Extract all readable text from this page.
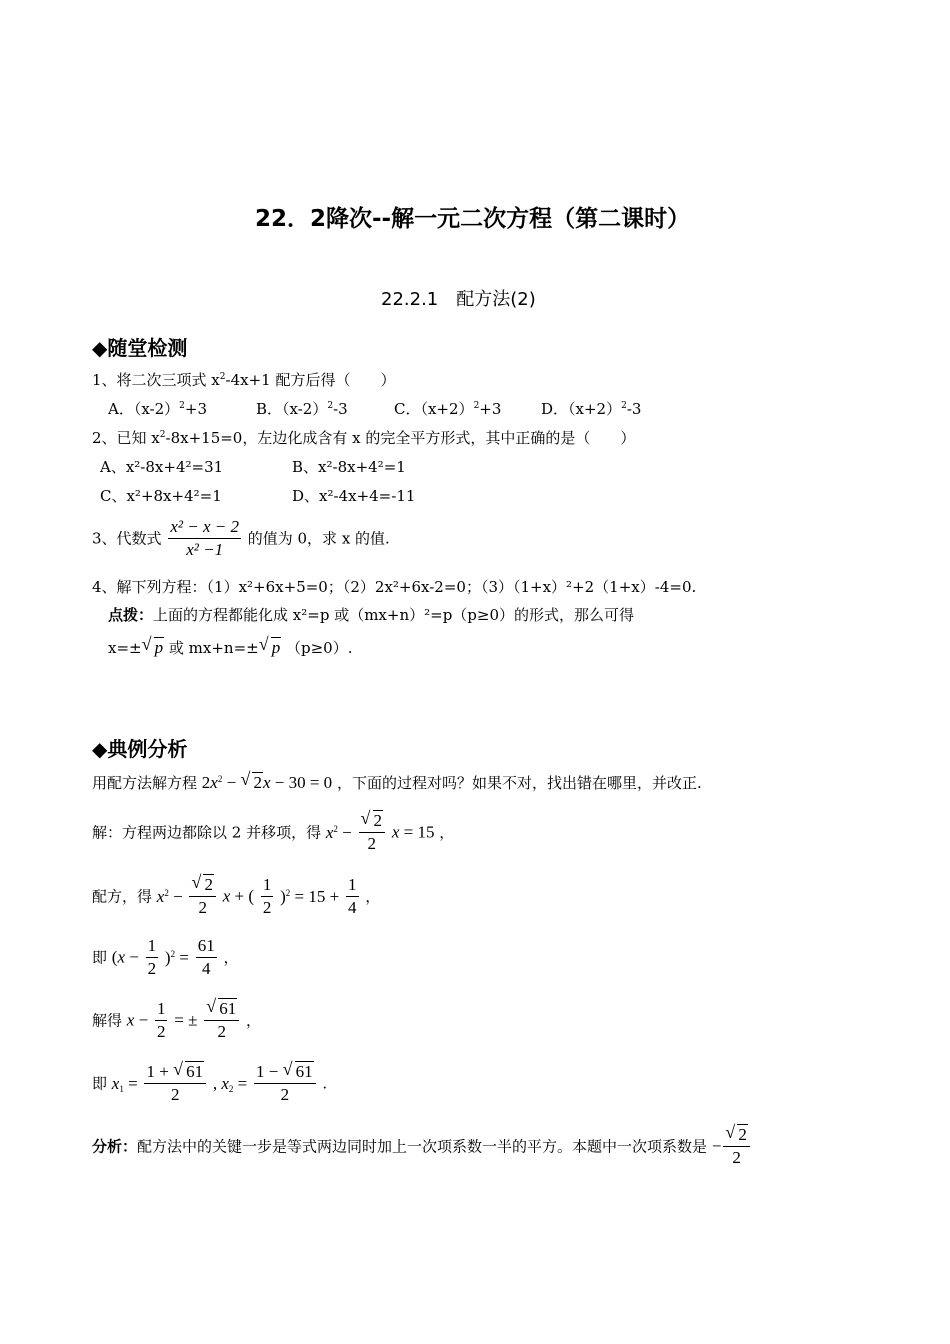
22．2降次--解一元二次方程（第二课时）
22.2.1　配方法(2)
◆随堂检测
1、将二次三项式 $x^2-4x+1$ 配方后得（　　）
A．$(x-2)^2+3$	B．$(x-2)^2-3$	C．$(x+2)^2+3$	D．$(x+2)^2-3$
2、已知 $x^2-8x+15=0$，左边化成含有 x 的完全平方形式，其中正确的是（　　）
A、x²-8x+4²=31	B、x²-8x+4²=1
C、x²+8x+4²=1	D、x²-4x+4=-11
3、代数式 $\frac{\text{x² − x − 2}}{\text{x² −1}}$ 的值为 0，求 x 的值.
4、解下列方程：（1）x²+6x+5=0；（2）2x²+6x-2=0；（3）（1+x）²+2（1+x）-4=0.
点拨：上面的方程都能化成 x²=p 或（mx+n）²=p（p≥0）的形式，那么可得
x=± √ p 或 mx+n=± √ p （p≥0）.
◆典例分析
用配方法解方程 $2x^2$ − √ 2x − 30 = 0 ，下面的过程对吗？如果不对，找出错在哪里，并改正.
解：方程两边都除以 2 并移项，得 $x^2$ − √ $\frac{2}{2}$ x = 15 ，
配方，得 $x^2$ − √ $\frac{2}{2}$ x + ( $\frac{1}{2} )^2 = 15 + \frac{1}{4}$ ，
即 $(x - \frac{1}{2} )^2 = \frac{61}{4}$ ，
解得 $x - \frac{1}{2}$ = ± √ $\frac{61}{2}$ ，
即 $x_1 = \frac{1 + √ 61}{2}$ , $x_2 = \frac{1 - √ 61}{2}$ .
分析：配方法中的关键一步是等式两边同时加上一次项系数一半的平方。本题中一次项系数是 − √ $\frac{2}{2}$
